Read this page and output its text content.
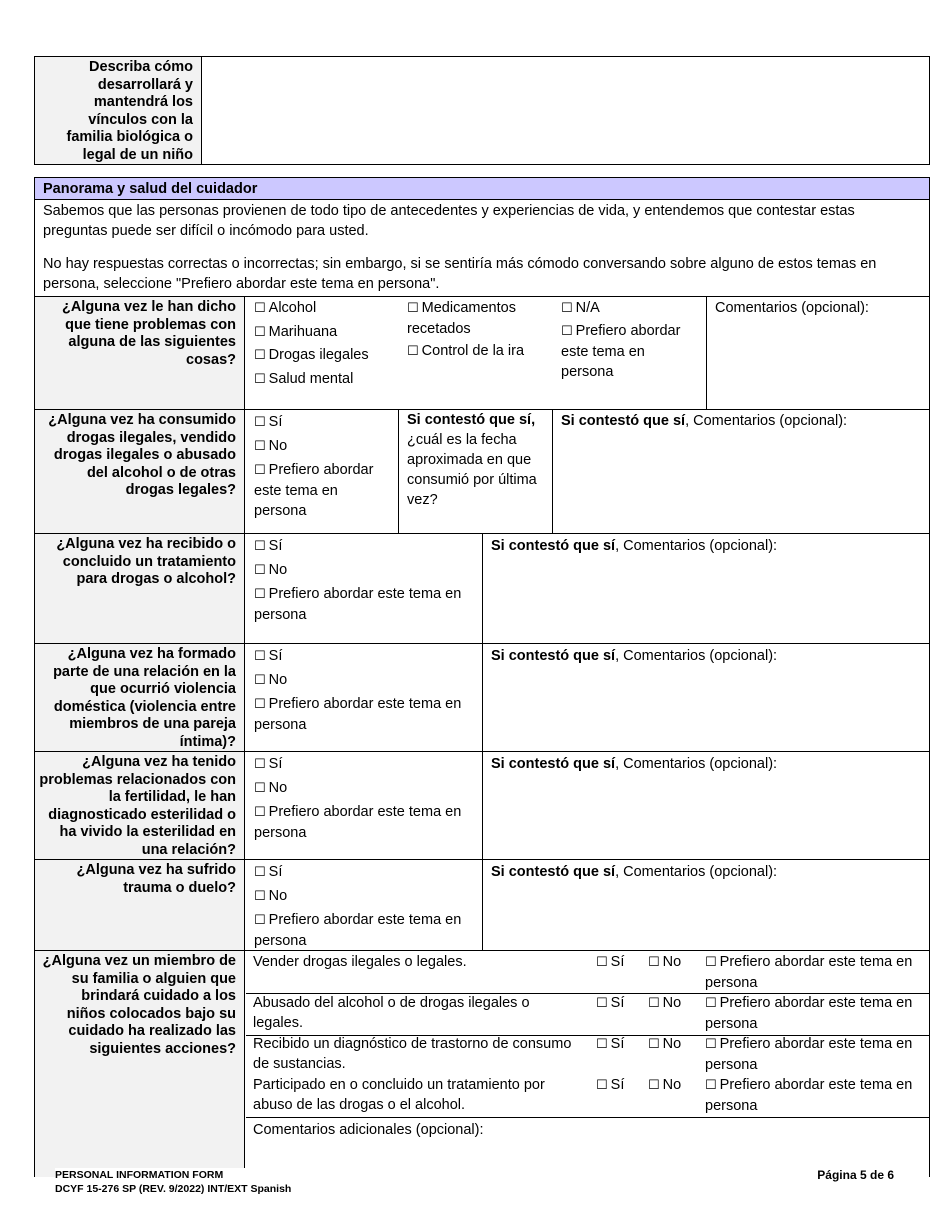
Describa cómo desarrollará y mantendrá los vínculos con la familia biológica o legal de un niño
Panorama y salud del cuidador
Sabemos que las personas provienen de todo tipo de antecedentes y experiencias de vida, y entendemos que contestar estas preguntas puede ser difícil o incómodo para usted.
No hay respuestas correctas o incorrectas; sin embargo, si se sentiría más cómodo conversando sobre alguno de estos temas en persona, seleccione "Prefiero abordar este tema en persona".
¿Alguna vez le han dicho que tiene problemas con alguna de las siguientes cosas?
☐ Alcohol
☐ Marihuana
☐ Drogas ilegales
☐ Salud mental
☐ Medicamentos recetados
☐ Control de la ira
☐ N/A
☐ Prefiero abordar este tema en persona
Comentarios (opcional):
¿Alguna vez ha consumido drogas ilegales, vendido drogas ilegales o abusado del alcohol o de otras drogas legales?
☐ Sí
☐ No
☐ Prefiero abordar este tema en persona
Si contestó que sí, ¿cuál es la fecha aproximada en que consumió por última vez?
Si contestó que sí, Comentarios (opcional):
¿Alguna vez ha recibido o concluido un tratamiento para drogas o alcohol?
☐ Sí
☐ No
☐ Prefiero abordar este tema en persona
Si contestó que sí, Comentarios (opcional):
¿Alguna vez ha formado parte de una relación en la que ocurrió violencia doméstica (violencia entre miembros de una pareja íntima)?
☐ Sí
☐ No
☐ Prefiero abordar este tema en persona
Si contestó que sí, Comentarios (opcional):
¿Alguna vez ha tenido problemas relacionados con la fertilidad, le han diagnosticado esterilidad o ha vivido la esterilidad en una relación?
☐ Sí
☐ No
☐ Prefiero abordar este tema en persona
Si contestó que sí, Comentarios (opcional):
¿Alguna vez ha sufrido trauma o duelo?
☐ Sí
☐ No
☐ Prefiero abordar este tema en persona
Si contestó que sí, Comentarios (opcional):
¿Alguna vez un miembro de su familia o alguien que brindará cuidado a los niños colocados bajo su cuidado ha realizado las siguientes acciones?
Vender drogas ilegales o legales.	☐ Sí ☐ No ☐ Prefiero abordar este tema en persona
Abusado del alcohol o de drogas ilegales o legales.
☐ Sí ☐ No ☐ Prefiero abordar este tema en persona
Recibido un diagnóstico de trastorno de consumo de sustancias.
☐ Sí ☐ No ☐ Prefiero abordar este tema en persona
Participado en o concluido un tratamiento por abuso de las drogas o el alcohol.
☐ Sí ☐ No ☐ Prefiero abordar este tema en persona
Comentarios adicionales (opcional):
PERSONAL INFORMATION FORM
DCYF 15-276 SP (REV. 9/2022) INT/EXT Spanish
Página 5 de 6
